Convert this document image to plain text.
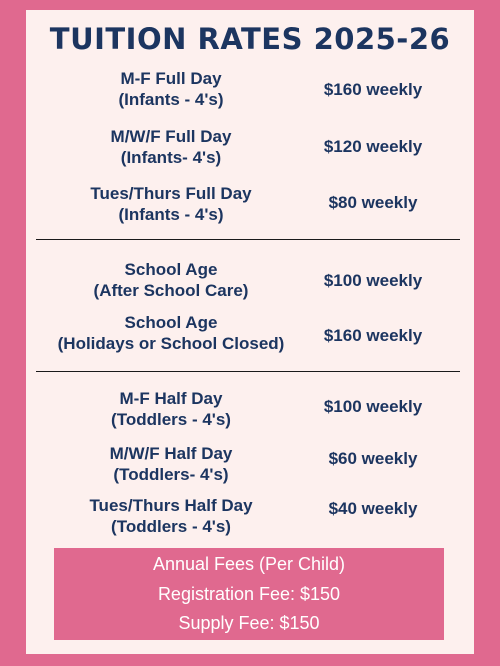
TUITION RATES 2025-26
M-F Full Day
(Infants - 4's)
$160 weekly
M/W/F Full Day
(Infants- 4's)
$120 weekly
Tues/Thurs Full Day
(Infants - 4's)
$80 weekly
School Age
(After School Care)
$100 weekly
School Age
(Holidays or School Closed)	$160 weekly
M-F Half Day
(Toddlers - 4's)
$100 weekly
M/W/F Half Day
(Toddlers- 4's)
$60 weekly
Tues/Thurs Half Day
(Toddlers - 4's)
$40 weekly
Annual Fees (Per Child)
Registration Fee: $150
Supply Fee: $150
